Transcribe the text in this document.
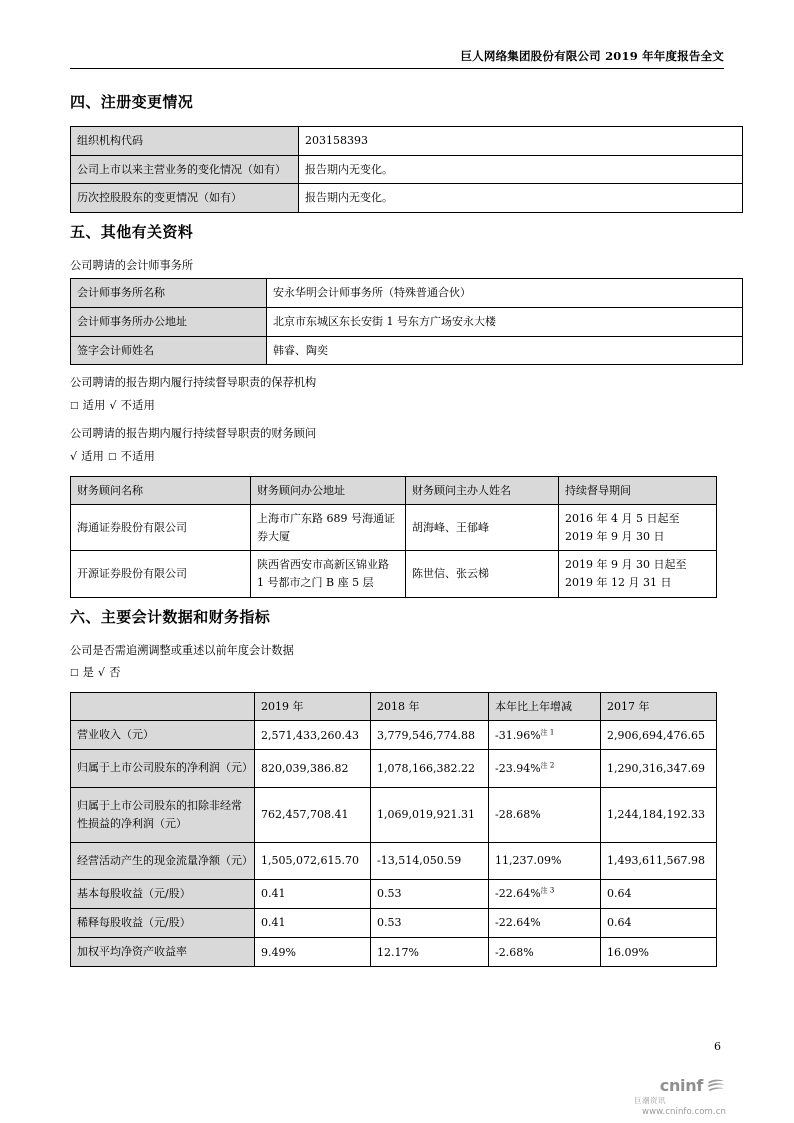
巨人网络集团股份有限公司 2019 年年度报告全文
四、注册变更情况
组织机构代码	203158393
公司上市以来主营业务的变化情况（如有）	报告期内无变化。
历次控股股东的变更情况（如有）	报告期内无变化。
五、其他有关资料

公司聘请的会计师事务所

会计师事务所名称	安永华明会计师事务所（特殊普通合伙）
会计师事务所办公地址	北京市东城区东长安街 1 号东方广场安永大楼
签字会计师姓名	韩睿、陶奕

公司聘请的报告期内履行持续督导职责的保荐机构

□ 适用 √ 不适用

公司聘请的报告期内履行持续督导职责的财务顾问

√ 适用 □ 不适用
财务顾问名称	财务顾问办公地址	财务顾问主办人姓名	持续督导期间
海通证券股份有限公司	上海市广东路 689 号海通证券大厦	胡海峰、王郁峰	2016 年 4 月 5 日起至 2019 年 9 月 30 日
开源证券股份有限公司	陕西省西安市高新区锦业路 1 号都市之门 B 座 5 层	陈世信、张云梯	2019 年 9 月 30 日起至 2019 年 12 月 31 日
六、主要会计数据和财务指标

公司是否需追溯调整或重述以前年度会计数据

□ 是 √ 否
	2019 年	2018 年	本年比上年增减	2017 年
营业收入（元）	2,571,433,260.43	3,779,546,774.88	-31.96%$^{注 1}$	2,906,694,476.65
归属于上市公司股东的净利润（元）	820,039,386.82	1,078,166,382.22	-23.94%$^{注 2}$	1,290,316,347.69
归属于上市公司股东的扣除非经常性损益的净利润（元）	762,457,708.41	1,069,019,921.31	-28.68%	1,244,184,192.33
经营活动产生的现金流量净额（元）	1,505,072,615.70	-13,514,050.59	11,237.09%	1,493,611,567.98
基本每股收益（元/股）	0.41	0.53	-22.64%$^{注 3}$	0.64
稀释每股收益（元/股）	0.41	0.53	-22.64%	0.64
加权平均净资产收益率	9.49%	12.17%	-2.68%	16.09%
6
cninf
巨潮资讯
www.cninfo.com.cn
